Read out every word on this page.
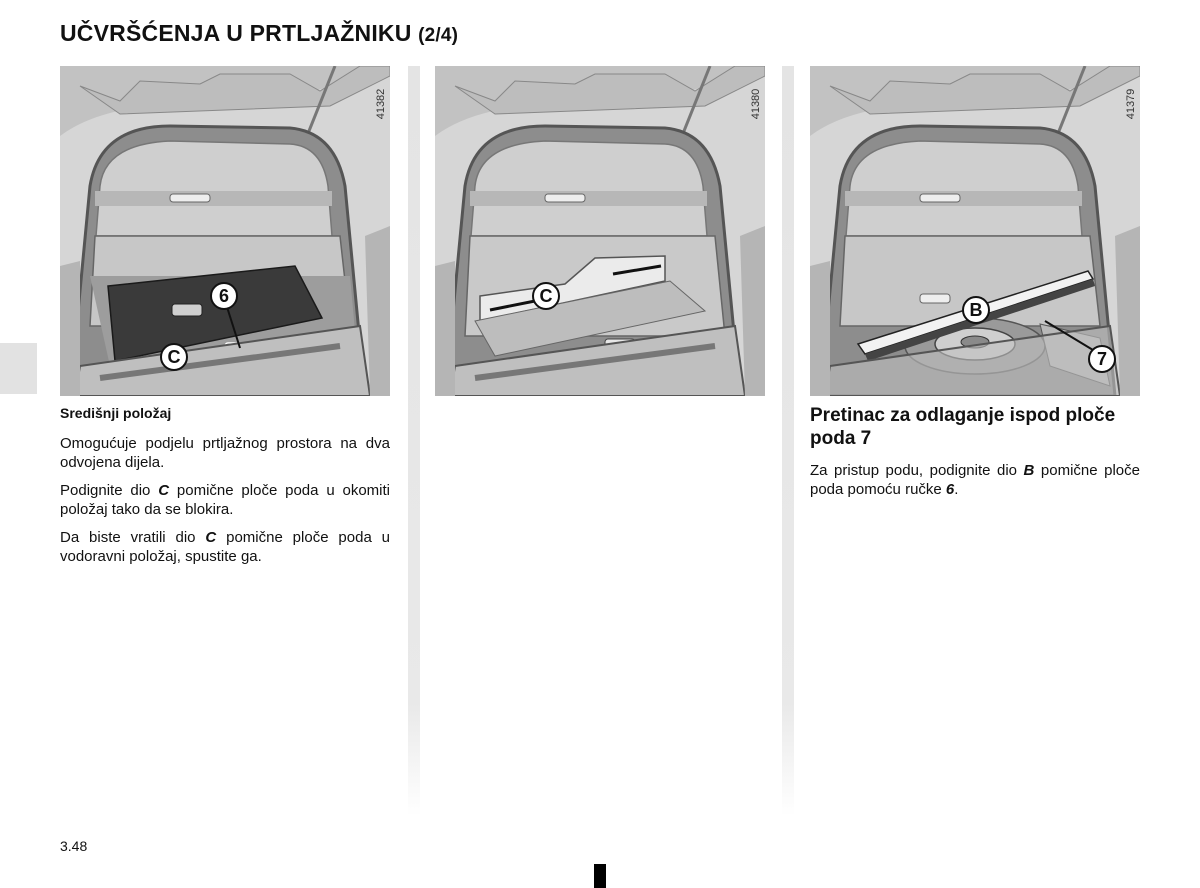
UČVRŠĆENJA U PRTLJAŽNIKU (2/4)
41382
6
C
41380
C
41379
B
7
Središnji položaj

Omogućuje podjelu prtljažnog prostora na dva odvojena dijela.

Podignite dio C pomične ploče poda u okomiti položaj tako da se blokira.

Da biste vratili dio C pomične ploče poda u vodoravni položaj, spustite ga.

Pretinac za odlaganje ispod ploče poda 7

Za pristup podu, podignite dio B pomične ploče poda pomoću ručke 6.

3.48
